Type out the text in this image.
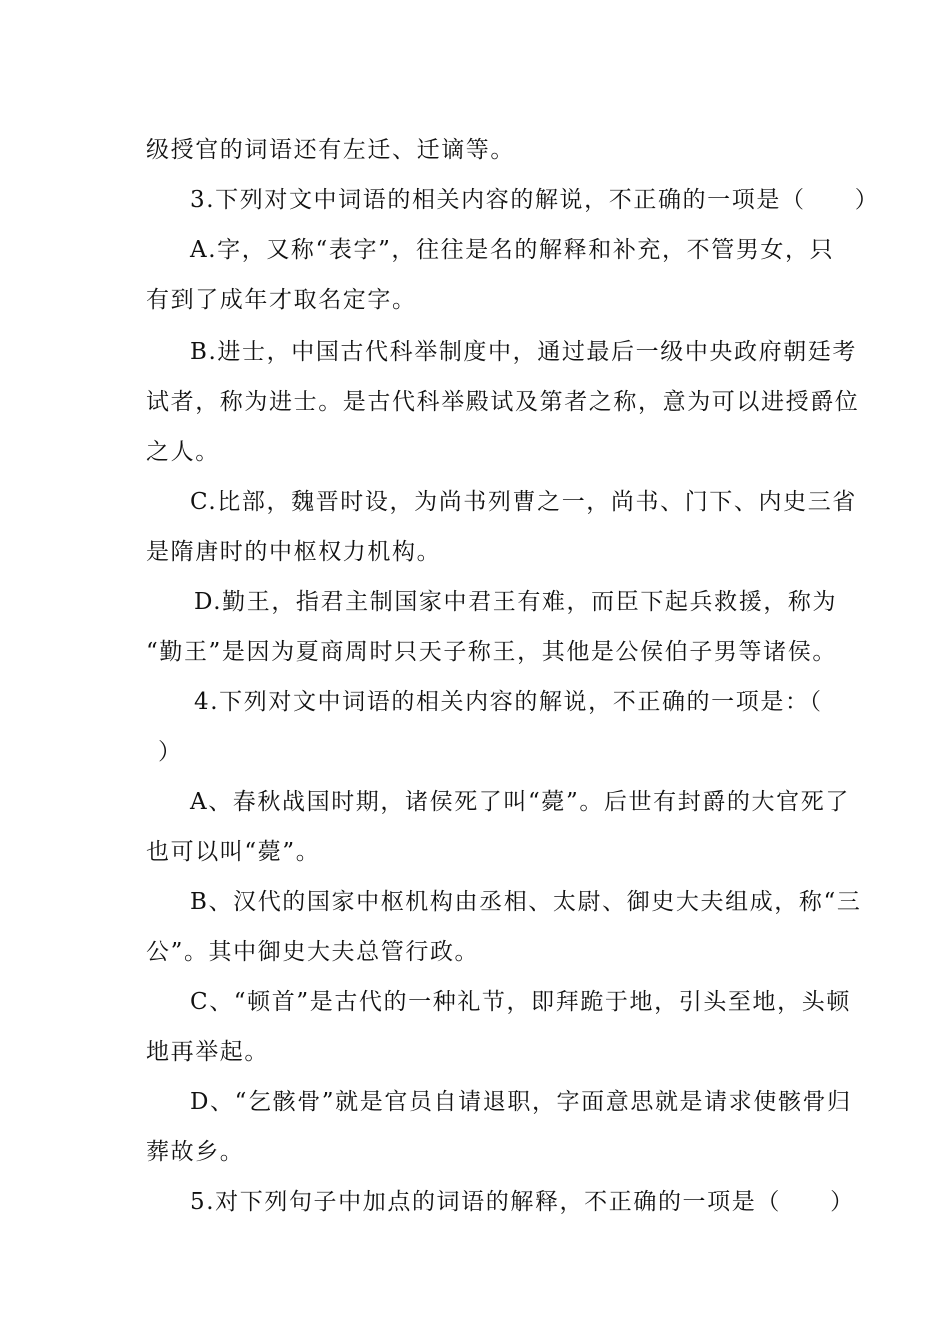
级授官的词语还有左迁、迁谪等。
3.下列对文中词语的相关内容的解说，不正确的一项是（　　）
A.字，又称“表字”，往往是名的解释和补充，不管男女，只
有到了成年才取名定字。
B.进士，中国古代科举制度中，通过最后一级中央政府朝廷考
试者，称为进士。是古代科举殿试及第者之称，意为可以进授爵位
之人。
C.比部，魏晋时设，为尚书列曹之一，尚书、门下、内史三省
是隋唐时的中枢权力机构。
D.勤王，指君主制国家中君王有难，而臣下起兵救援，称为
“勤王”是因为夏商周时只天子称王，其他是公侯伯子男等诸侯。
4.下列对文中词语的相关内容的解说，不正确的一项是：（
）
A、春秋战国时期，诸侯死了叫“薨”。后世有封爵的大官死了
也可以叫“薨”。
B、汉代的国家中枢机构由丞相、太尉、御史大夫组成，称“三
公”。其中御史大夫总管行政。
C、“顿首”是古代的一种礼节，即拜跪于地，引头至地，头顿
地再举起。
D、“乞骸骨”就是官员自请退职，字面意思就是请求使骸骨归
葬故乡。
5.对下列句子中加点的词语的解释，不正确的一项是（　　）
